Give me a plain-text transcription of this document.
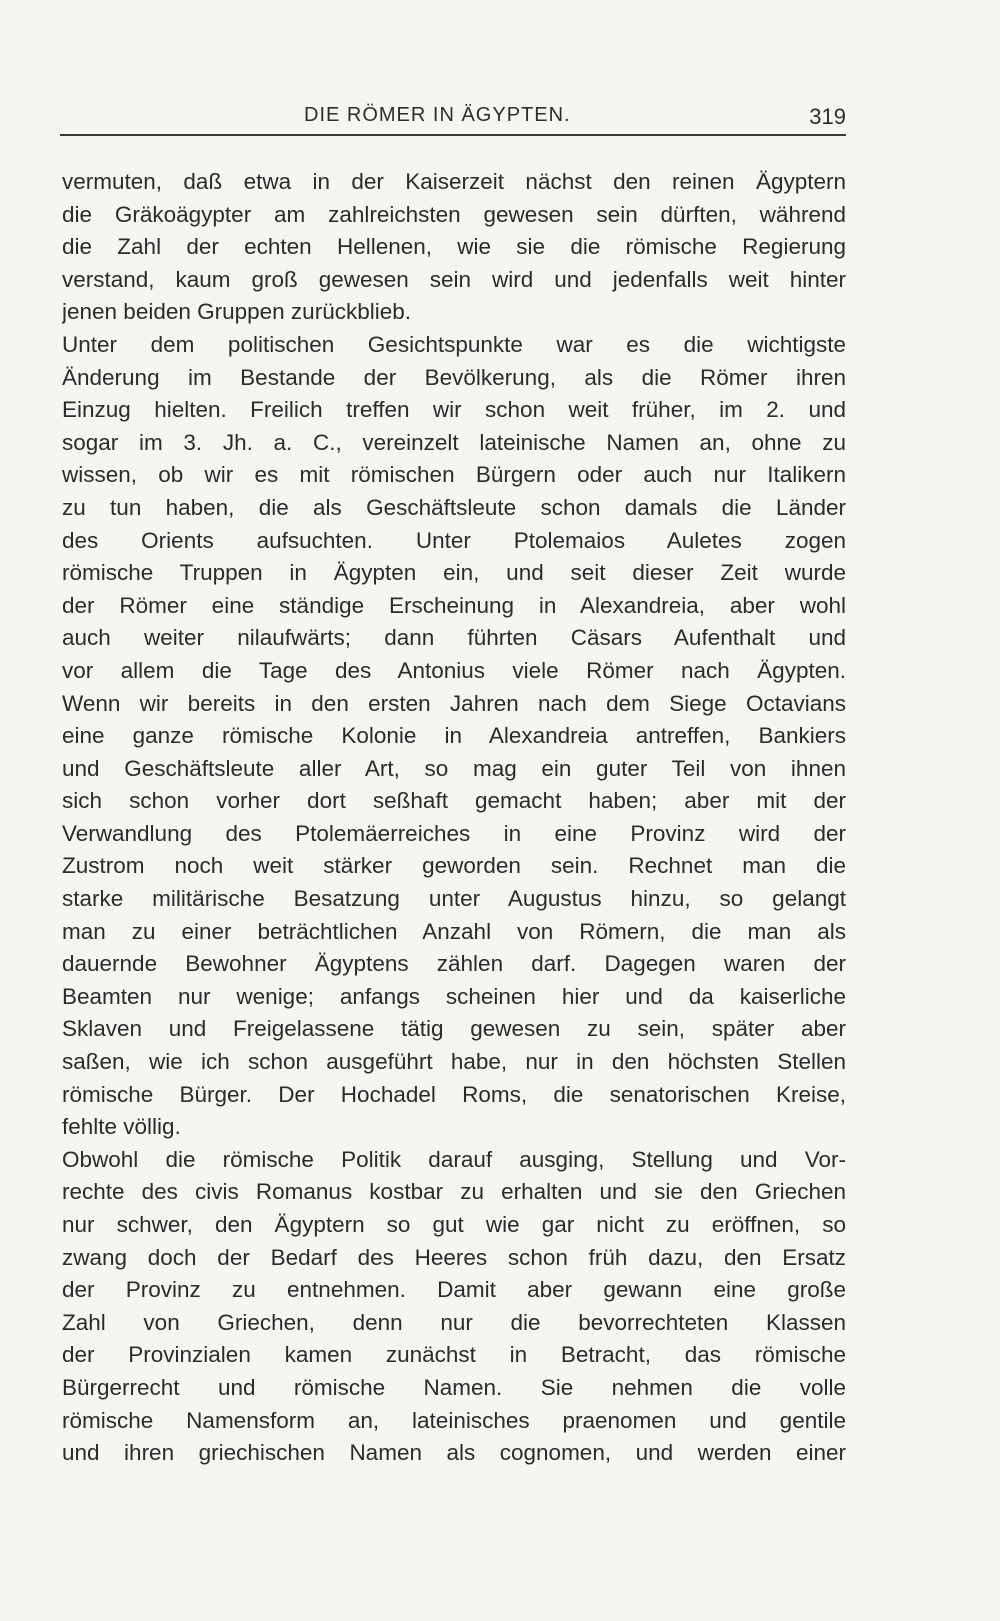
DIE RÖMER IN ÄGYPTEN.	319
vermuten, daß etwa in der Kaiserzeit nächst den reinen Ägyptern
die Gräkoägypter am zahlreichsten gewesen sein dürften, während
die Zahl der echten Hellenen, wie sie die römische Regierung
verstand, kaum groß gewesen sein wird und jedenfalls weit hinter
jenen beiden Gruppen zurückblieb.
Unter dem politischen Gesichtspunkte war es die wichtigste
Änderung im Bestande der Bevölkerung, als die Römer ihren
Einzug hielten. Freilich treffen wir schon weit früher, im 2. und
sogar im 3. Jh. a. C., vereinzelt lateinische Namen an, ohne zu
wissen, ob wir es mit römischen Bürgern oder auch nur Italikern
zu tun haben, die als Geschäftsleute schon damals die Länder
des Orients aufsuchten. Unter Ptolemaios Auletes zogen
römische Truppen in Ägypten ein, und seit dieser Zeit wurde
der Römer eine ständige Erscheinung in Alexandreia, aber wohl
auch weiter nilaufwärts; dann führten Cäsars Aufenthalt und
vor allem die Tage des Antonius viele Römer nach Ägypten.
Wenn wir bereits in den ersten Jahren nach dem Siege Octavians
eine ganze römische Kolonie in Alexandreia antreffen, Bankiers
und Geschäftsleute aller Art, so mag ein guter Teil von ihnen
sich schon vorher dort seßhaft gemacht haben; aber mit der
Verwandlung des Ptolemäerreiches in eine Provinz wird der
Zustrom noch weit stärker geworden sein. Rechnet man die
starke militärische Besatzung unter Augustus hinzu, so gelangt
man zu einer beträchtlichen Anzahl von Römern, die man als
dauernde Bewohner Ägyptens zählen darf. Dagegen waren der
Beamten nur wenige; anfangs scheinen hier und da kaiserliche
Sklaven und Freigelassene tätig gewesen zu sein, später aber
saßen, wie ich schon ausgeführt habe, nur in den höchsten Stellen
römische Bürger. Der Hochadel Roms, die senatorischen Kreise,
fehlte völlig.
Obwohl die römische Politik darauf ausging, Stellung und Vor-
rechte des civis Romanus kostbar zu erhalten und sie den Griechen
nur schwer, den Ägyptern so gut wie gar nicht zu eröffnen, so
zwang doch der Bedarf des Heeres schon früh dazu, den Ersatz
der Provinz zu entnehmen. Damit aber gewann eine große
Zahl von Griechen, denn nur die bevorrechteten Klassen
der Provinzialen kamen zunächst in Betracht, das römische
Bürgerrecht und römische Namen. Sie nehmen die volle
römische Namensform an, lateinisches praenomen und gentile
und ihren griechischen Namen als cognomen, und werden einer
